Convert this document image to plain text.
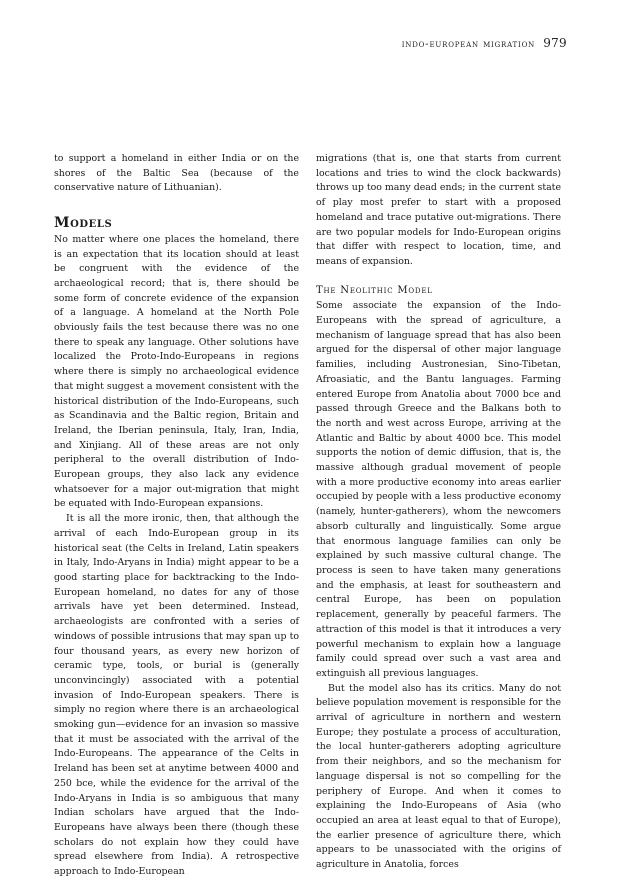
indo-european migration 979

to support a homeland in either India or on the shores of the Baltic Sea (because of the conservative nature of Lithuanian).

Models

No matter where one places the homeland, there is an expectation that its location should at least be congruent with the evidence of the archaeological record; that is, there should be some form of concrete evidence of the expansion of a language. A homeland at the North Pole obviously fails the test because there was no one there to speak any language. Other solutions have localized the Proto-Indo-Europeans in regions where there is simply no archaeological evidence that might suggest a movement consistent with the historical distribution of the Indo-Europeans, such as Scandinavia and the Baltic region, Britain and Ireland, the Iberian peninsula, Italy, Iran, India, and Xinjiang. All of these areas are not only peripheral to the overall distribution of Indo-European groups, they also lack any evidence whatsoever for a major out-migration that might be equated with Indo-European expansions.

It is all the more ironic, then, that although the arrival of each Indo-European group in its historical seat (the Celts in Ireland, Latin speakers in Italy, Indo-Aryans in India) might appear to be a good starting place for backtracking to the Indo-European homeland, no dates for any of those arrivals have yet been determined. Instead, archaeologists are confronted with a series of windows of possible intrusions that may span up to four thousand years, as every new horizon of ceramic type, tools, or burial is (generally unconvincingly) associated with a potential invasion of Indo-European speakers. There is simply no region where there is an archaeological smoking gun—evidence for an invasion so massive that it must be associated with the arrival of the Indo-Europeans. The appearance of the Celts in Ireland has been set at anytime between 4000 and 250 bce, while the evidence for the arrival of the Indo-Aryans in India is so ambiguous that many Indian scholars have argued that the Indo-Europeans have always been there (though these scholars do not explain how they could have spread elsewhere from India). A retrospective approach to Indo-European

migrations (that is, one that starts from current locations and tries to wind the clock backwards) throws up too many dead ends; in the current state of play most prefer to start with a proposed homeland and trace putative out-migrations. There are two popular models for Indo-European origins that differ with respect to location, time, and means of expansion.

The Neolithic Model

Some associate the expansion of the Indo-Europeans with the spread of agriculture, a mechanism of language spread that has also been argued for the dispersal of other major language families, including Austronesian, Sino-Tibetan, Afroasiatic, and the Bantu languages. Farming entered Europe from Anatolia about 7000 bce and passed through Greece and the Balkans both to the north and west across Europe, arriving at the Atlantic and Baltic by about 4000 bce. This model supports the notion of demic diffusion, that is, the massive although gradual movement of people with a more productive economy into areas earlier occupied by people with a less productive economy (namely, hunter-gatherers), whom the newcomers absorb culturally and linguistically. Some argue that enormous language families can only be explained by such massive cultural change. The process is seen to have taken many generations and the emphasis, at least for southeastern and central Europe, has been on population replacement, generally by peaceful farmers. The attraction of this model is that it introduces a very powerful mechanism to explain how a language family could spread over such a vast area and extinguish all previous languages.

But the model also has its critics. Many do not believe population movement is responsible for the arrival of agriculture in northern and western Europe; they postulate a process of acculturation, the local hunter-gatherers adopting agriculture from their neighbors, and so the mechanism for language dispersal is not so compelling for the periphery of Europe. And when it comes to explaining the Indo-Europeans of Asia (who occupied an area at least equal to that of Europe), the earlier presence of agriculture there, which appears to be unassociated with the origins of agriculture in Anatolia, forces
